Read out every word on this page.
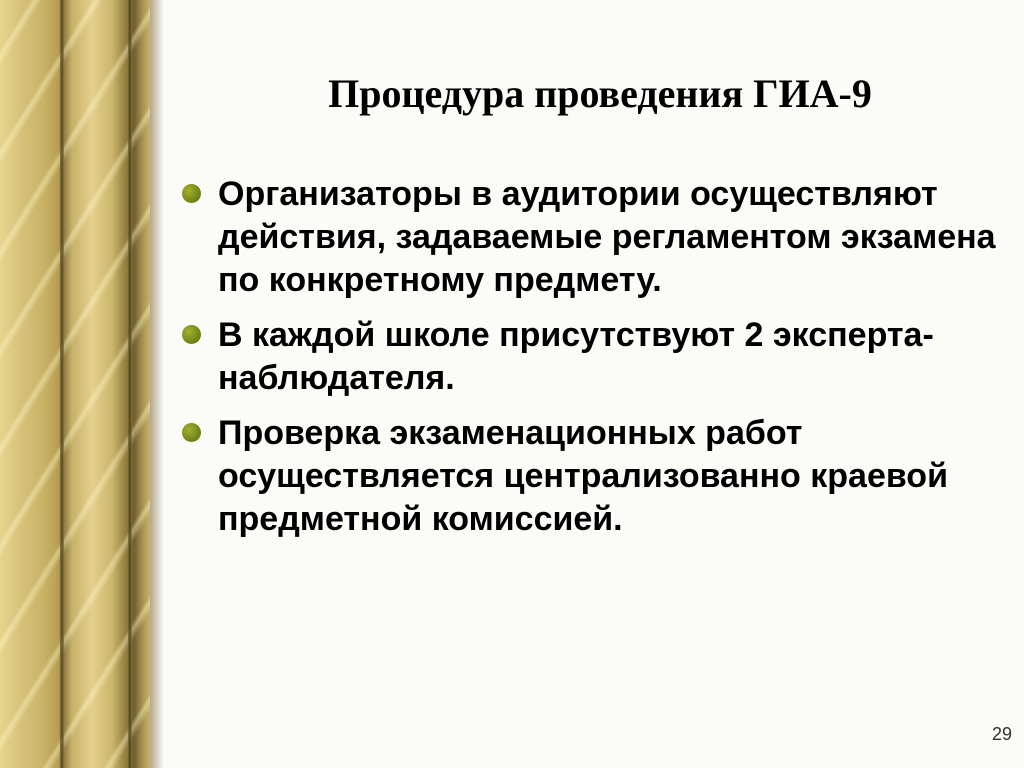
Процедура проведения ГИА-9
Организаторы в аудитории осуществляют действия, задаваемые регламентом экзамена по конкретному предмету.
В каждой школе присутствуют 2 эксперта-наблюдателя.
Проверка экзаменационных работ осуществляется централизованно краевой предметной комиссией.
29
